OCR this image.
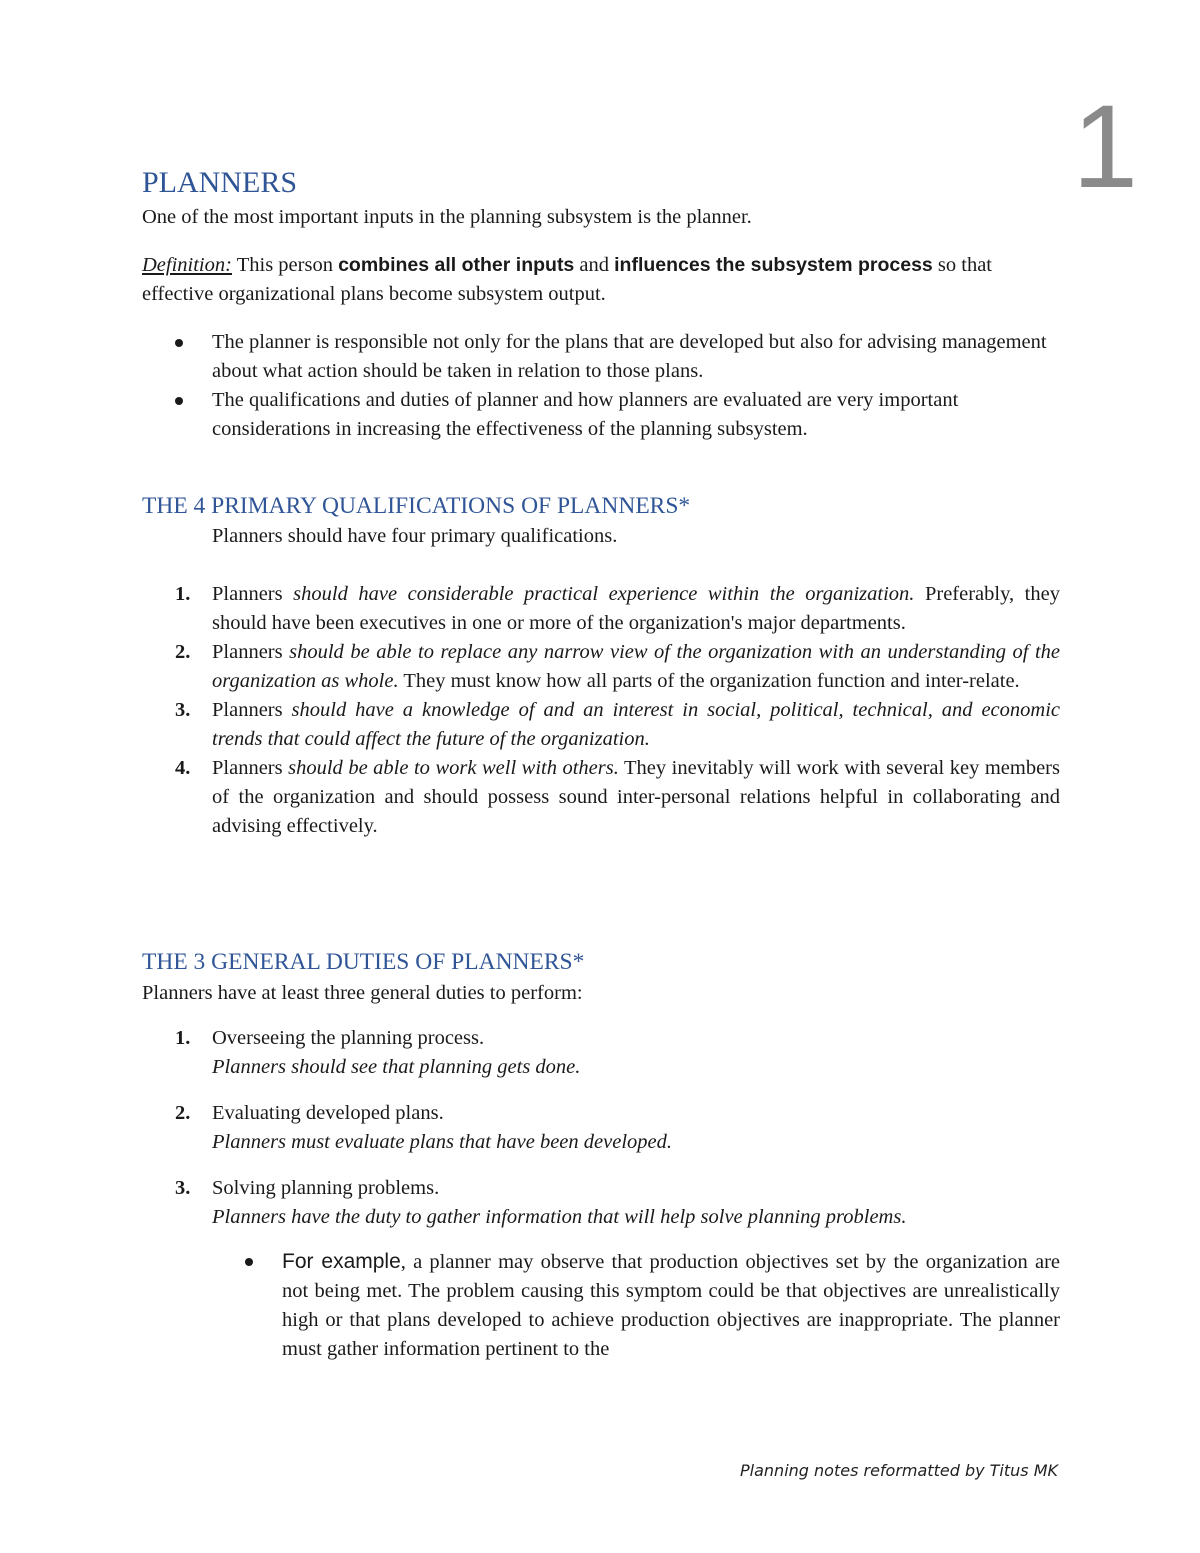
1
PLANNERS
One of the most important inputs in the planning subsystem is the planner.
Definition: This person combines all other inputs and influences the subsystem process so that effective organizational plans become subsystem output.
The planner is responsible not only for the plans that are developed but also for advising management about what action should be taken in relation to those plans.
The qualifications and duties of planner and how planners are evaluated are very important considerations in increasing the effectiveness of the planning subsystem.
THE 4 PRIMARY QUALIFICATIONS OF PLANNERS*
Planners should have four primary qualifications.
1. Planners should have considerable practical experience within the organization. Preferably, they should have been executives in one or more of the organization's major departments.
2. Planners should be able to replace any narrow view of the organization with an understanding of the organization as whole. They must know how all parts of the organization function and inter-relate.
3. Planners should have a knowledge of and an interest in social, political, technical, and economic trends that could affect the future of the organization.
4. Planners should be able to work well with others. They inevitably will work with several key members of the organization and should possess sound inter-personal relations helpful in collaborating and advising effectively.
THE 3 GENERAL DUTIES OF PLANNERS*
Planners have at least three general duties to perform:
1. Overseeing the planning process.
Planners should see that planning gets done.
2. Evaluating developed plans.
Planners must evaluate plans that have been developed.
3. Solving planning problems.
Planners have the duty to gather information that will help solve planning problems.
For example, a planner may observe that production objectives set by the organization are not being met. The problem causing this symptom could be that objectives are unrealistically high or that plans developed to achieve production objectives are inappropriate. The planner must gather information pertinent to the
Planning notes reformatted by Titus MK
